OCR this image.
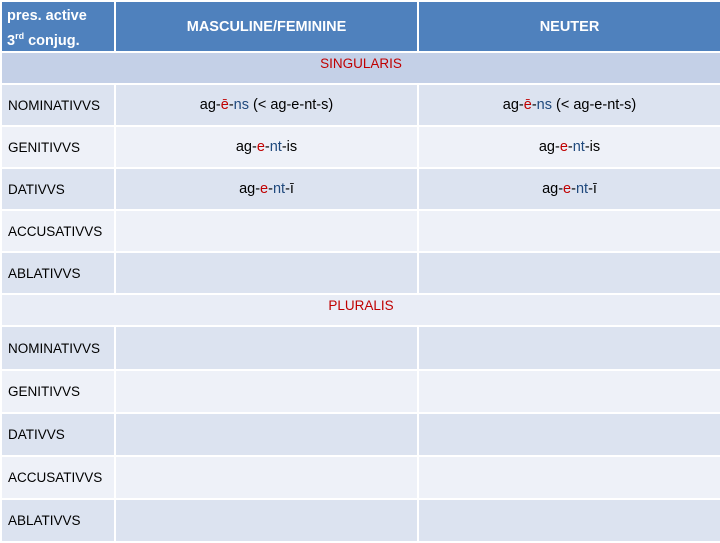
pres. active
3rd conjug.	MASCULINE/FEMININE	NEUTER
SINGULARIS		
NOMINATIVVS	ag-ē-ns (< ag-e-nt-s)	ag-ē-ns (< ag-e-nt-s)
GENITIVVS	ag-e-nt-is	ag-e-nt-is
DATIVVS	ag-e-nt-ī	ag-e-nt-ī
ACCUSATIVVS		
ABLATIVVS		
PLURALIS		
NOMINATIVVS		
GENITIVVS		
DATIVVS		
ACCUSATIVVS		
ABLATIVVS		
